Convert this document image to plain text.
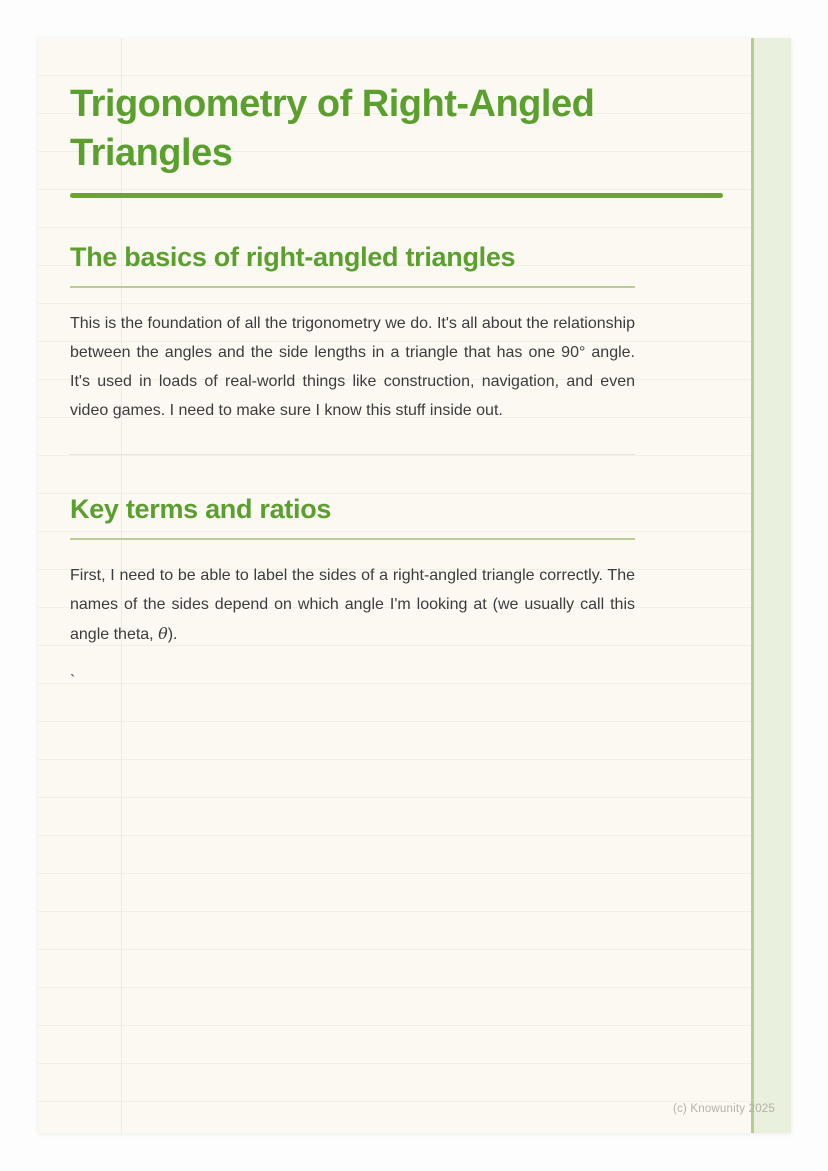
Trigonometry of Right-Angled Triangles
The basics of right-angled triangles

This is the foundation of all the trigonometry we do. It's all about the relationship between the angles and the side lengths in a triangle that has one 90° angle. It's used in loads of real-world things like construction, navigation, and even video games. I need to make sure I know this stuff inside out.

Key terms and ratios

First, I need to be able to label the sides of a right-angled triangle correctly. The names of the sides depend on which angle I'm looking at (we usually call this angle theta, θ).

`

(c) Knowunity 2025
